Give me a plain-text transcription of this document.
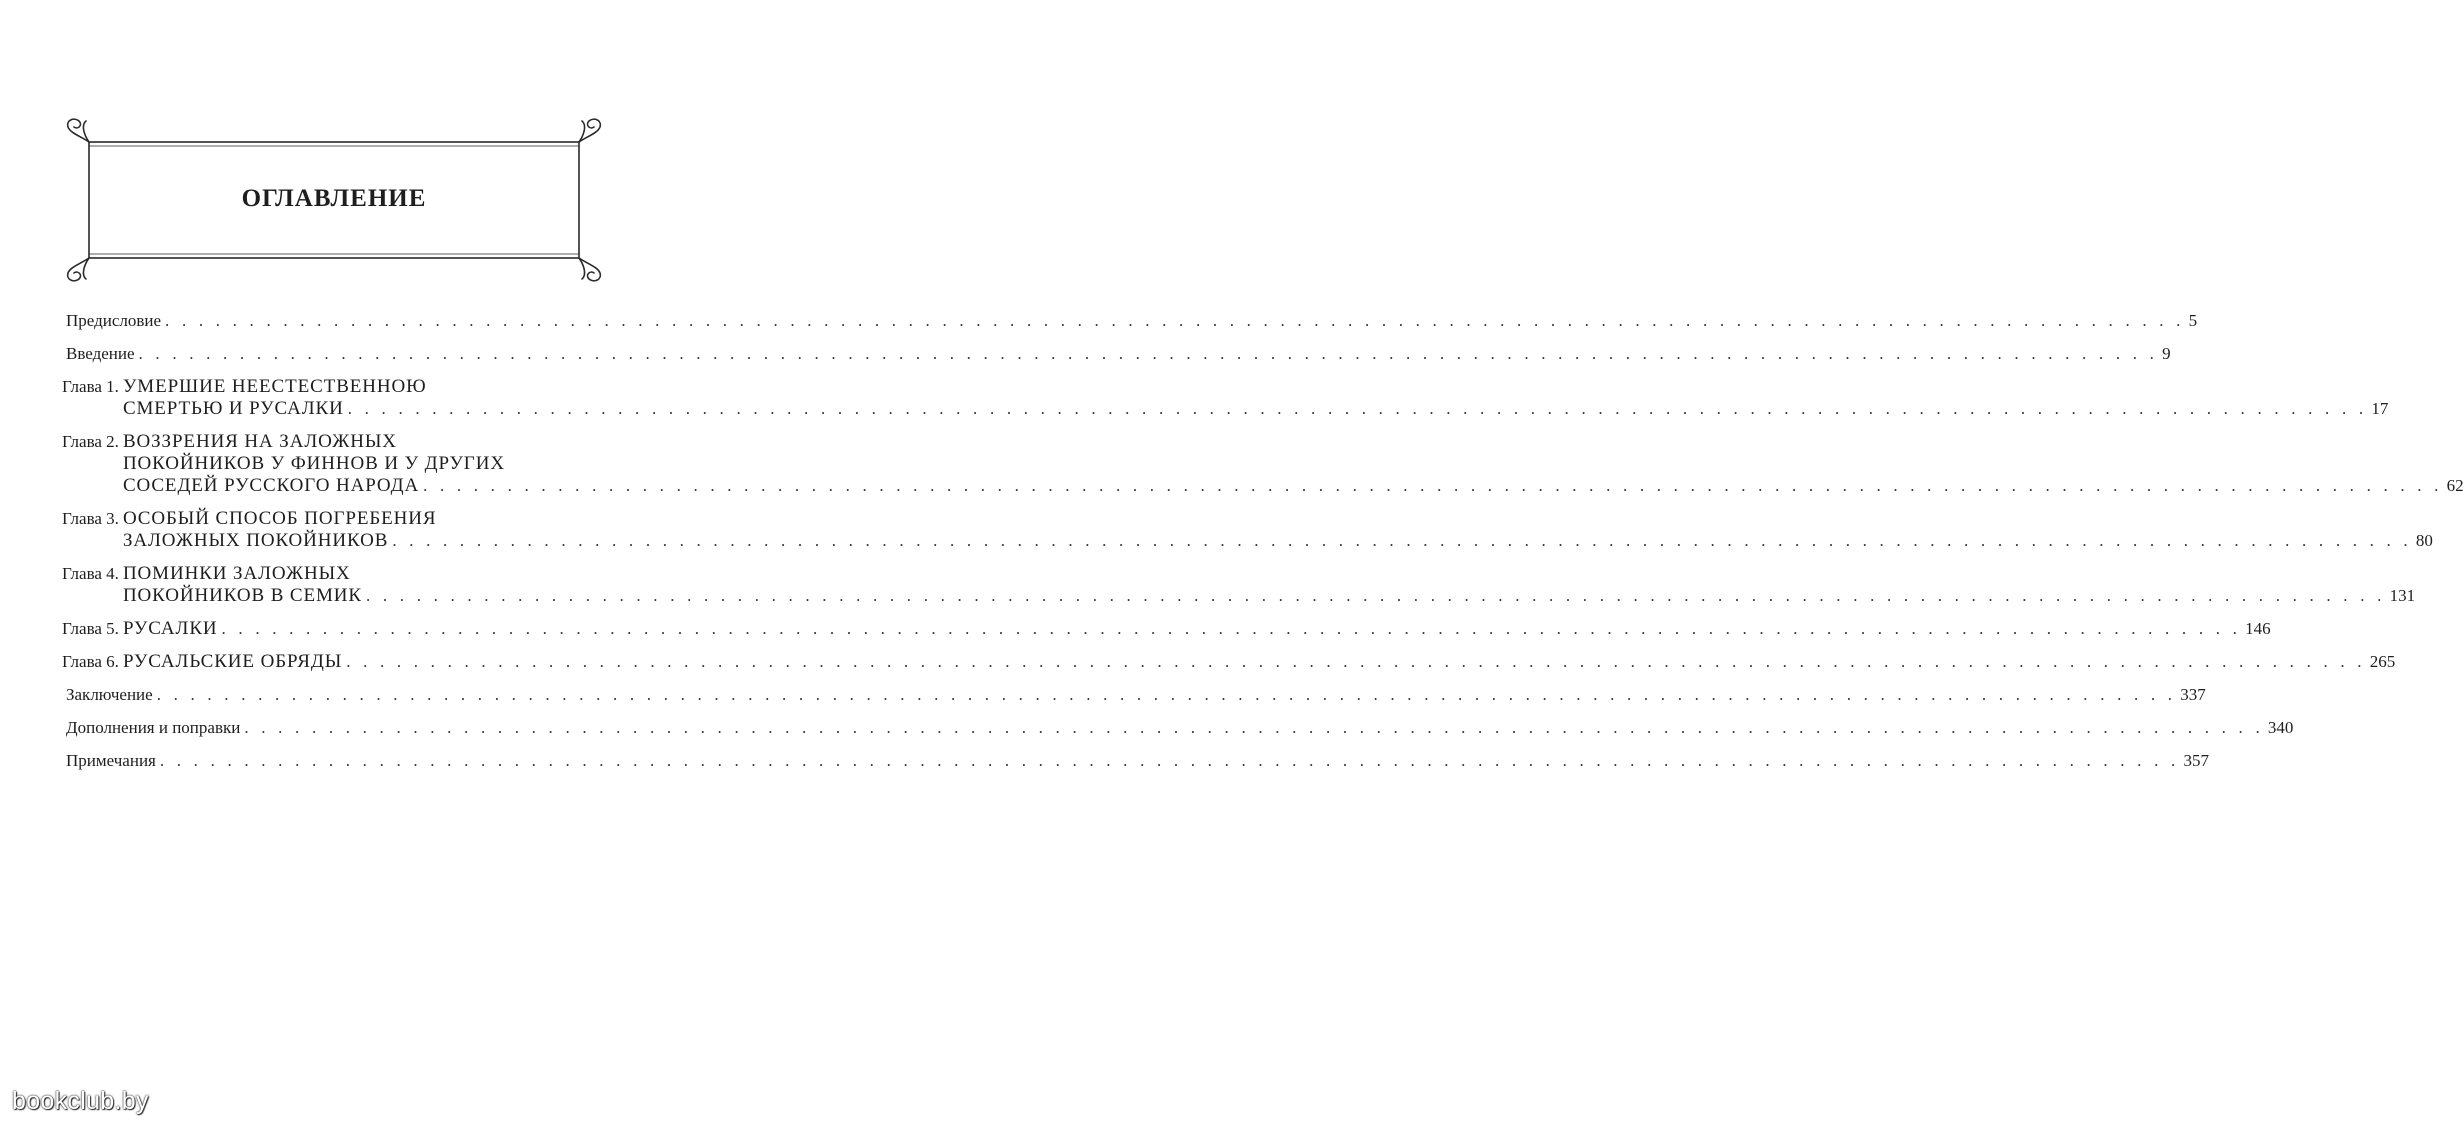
ОГЛАВЛЕНИЕ
Предисловие . . . . . . . . . . . . . . . . . . . . . . . . . . . . . . . . . . . . . . . . . . . . . . . . . . . . . . . . . . . . . . . . . . . . . . . . . . . . . . . . . . . . . . . . . . . . . . . . . . . . . . . . . . . . . . . . . . . . . . . . 5
Введение . . . . . . . . . . . . . . . . . . . . . . . . . . . . . . . . . . . . . . . . . . . . . . . . . . . . . . . . . . . . . . . . . . . . . . . . . . . . . . . . . . . . . . . . . . . . . . . . . . . . . . . . . . . . . . . . . . . . . . . . 9
Глава 1. УМЕРШИЕ НЕЕСТЕСТВЕННОЮ
СМЕРТЬЮ И РУСАЛКИ . . . . . . . . . . . . . . . . . . . . . . . . . . . . . . . . . . . . . . . . . . . . . . . . . . . . . . . . . . . . . . . . . . . . . . . . . . . . . . . . . . . . . . . . . . . . . . . . . . . . . . . . . . . . . . . . . . . . . . . . 17
Глава 2. ВОЗЗРЕНИЯ НА ЗАЛОЖНЫХ
ПОКОЙНИКОВ У ФИННОВ И У ДРУГИХ
СОСЕДЕЙ РУССКОГО НАРОДА . . . . . . . . . . . . . . . . . . . . . . . . . . . . . . . . . . . . . . . . . . . . . . . . . . . . . . . . . . . . . . . . . . . . . . . . . . . . . . . . . . . . . . . . . . . . . . . . . . . . . . . . . . . . . . . . . . . . . . . . 62
Глава 3. ОСОБЫЙ СПОСОБ ПОГРЕБЕНИЯ
ЗАЛОЖНЫХ ПОКОЙНИКОВ . . . . . . . . . . . . . . . . . . . . . . . . . . . . . . . . . . . . . . . . . . . . . . . . . . . . . . . . . . . . . . . . . . . . . . . . . . . . . . . . . . . . . . . . . . . . . . . . . . . . . . . . . . . . . . . . . . . . . . . . 80
Глава 4. ПОМИНКИ ЗАЛОЖНЫХ
ПОКОЙНИКОВ В СЕМИК . . . . . . . . . . . . . . . . . . . . . . . . . . . . . . . . . . . . . . . . . . . . . . . . . . . . . . . . . . . . . . . . . . . . . . . . . . . . . . . . . . . . . . . . . . . . . . . . . . . . . . . . . . . . . . . . . . . . . . . . 131
Глава 5. РУСАЛКИ . . . . . . . . . . . . . . . . . . . . . . . . . . . . . . . . . . . . . . . . . . . . . . . . . . . . . . . . . . . . . . . . . . . . . . . . . . . . . . . . . . . . . . . . . . . . . . . . . . . . . . . . . . . . . . . . . . . . . . . . 146
Глава 6. РУСАЛЬСКИЕ ОБРЯДЫ . . . . . . . . . . . . . . . . . . . . . . . . . . . . . . . . . . . . . . . . . . . . . . . . . . . . . . . . . . . . . . . . . . . . . . . . . . . . . . . . . . . . . . . . . . . . . . . . . . . . . . . . . . . . . . . . . . . . . . . . 265
Заключение . . . . . . . . . . . . . . . . . . . . . . . . . . . . . . . . . . . . . . . . . . . . . . . . . . . . . . . . . . . . . . . . . . . . . . . . . . . . . . . . . . . . . . . . . . . . . . . . . . . . . . . . . . . . . . . . . . . . . . . . 337
Дополнения и поправки . . . . . . . . . . . . . . . . . . . . . . . . . . . . . . . . . . . . . . . . . . . . . . . . . . . . . . . . . . . . . . . . . . . . . . . . . . . . . . . . . . . . . . . . . . . . . . . . . . . . . . . . . . . . . . . . . . . . . . . . 340
Примечания . . . . . . . . . . . . . . . . . . . . . . . . . . . . . . . . . . . . . . . . . . . . . . . . . . . . . . . . . . . . . . . . . . . . . . . . . . . . . . . . . . . . . . . . . . . . . . . . . . . . . . . . . . . . . . . . . . . . . . . . 357
bookclub.by
